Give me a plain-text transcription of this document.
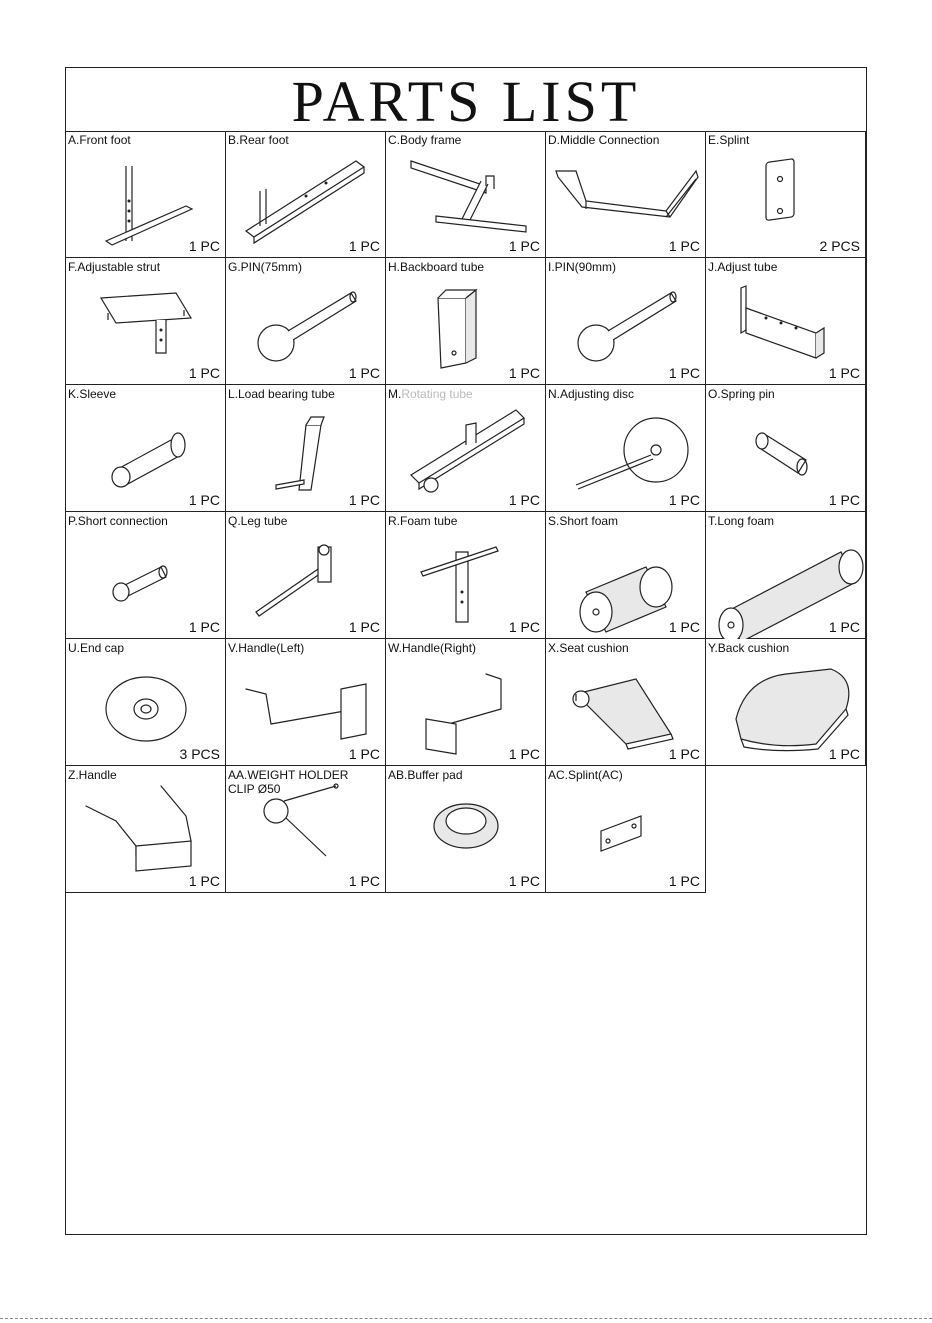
PARTS LIST
A.Front foot
1 PC
B.Rear foot
1 PC
C.Body frame
1 PC
D.Middle Connection
1 PC
E.Splint
2 PCS
F.Adjustable strut
1 PC
G.PIN(75mm)
1 PC
H.Backboard tube
1 PC
I.PIN(90mm)
1 PC
J.Adjust tube
1 PC
K.Sleeve
1 PC
L.Load bearing tube
1 PC
M.Rotating tube
1 PC
N.Adjusting disc
1 PC
O.Spring pin
1 PC
P.Short connection
1 PC
Q.Leg tube
1 PC
R.Foam tube
1 PC
S.Short foam
1 PC
T.Long foam
1 PC
U.End cap
3 PCS
V.Handle(Left)
1 PC
W.Handle(Right)
1 PC
X.Seat cushion
1 PC
Y.Back cushion
1 PC
Z.Handle
1 PC
AA.WEIGHT HOLDER
CLIP Ø50
1 PC
AB.Buffer pad
1 PC
AC.Splint(AC)
1 PC
